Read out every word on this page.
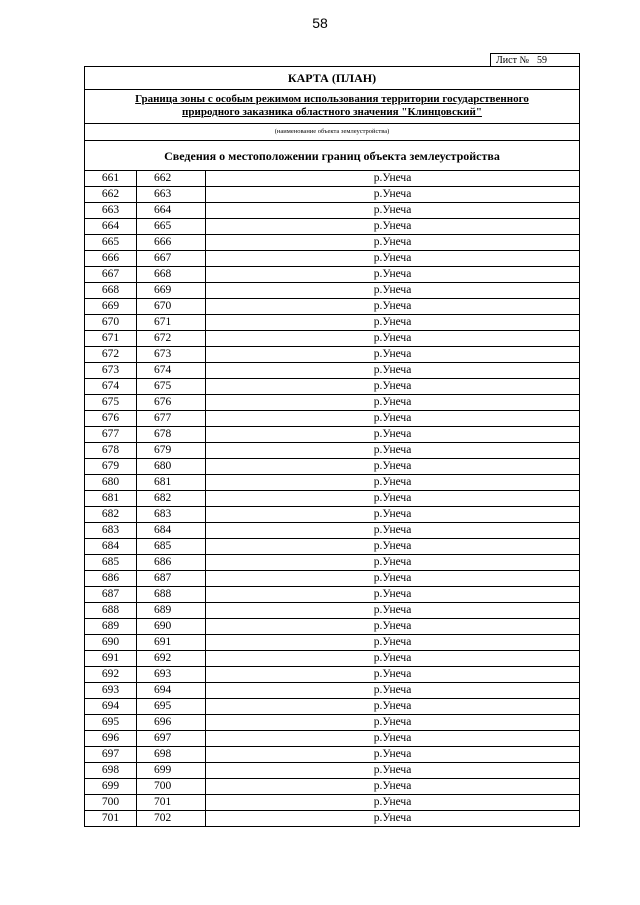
58
Лист № 59
КАРТА (ПЛАН)
Граница зоны с особым режимом использования территории государственного
природного заказника областного значения "Клинцовский"
(наименование объекта землеустройства)
Сведения о местоположении границ объекта землеустройства
661	662	р.Унеча
662	663	р.Унеча
663	664	р.Унеча
664	665	р.Унеча
665	666	р.Унеча
666	667	р.Унеча
667	668	р.Унеча
668	669	р.Унеча
669	670	р.Унеча
670	671	р.Унеча
671	672	р.Унеча
672	673	р.Унеча
673	674	р.Унеча
674	675	р.Унеча
675	676	р.Унеча
676	677	р.Унеча
677	678	р.Унеча
678	679	р.Унеча
679	680	р.Унеча
680	681	р.Унеча
681	682	р.Унеча
682	683	р.Унеча
683	684	р.Унеча
684	685	р.Унеча
685	686	р.Унеча
686	687	р.Унеча
687	688	р.Унеча
688	689	р.Унеча
689	690	р.Унеча
690	691	р.Унеча
691	692	р.Унеча
692	693	р.Унеча
693	694	р.Унеча
694	695	р.Унеча
695	696	р.Унеча
696	697	р.Унеча
697	698	р.Унеча
698	699	р.Унеча
699	700	р.Унеча
700	701	р.Унеча
701	702	р.Унеча
